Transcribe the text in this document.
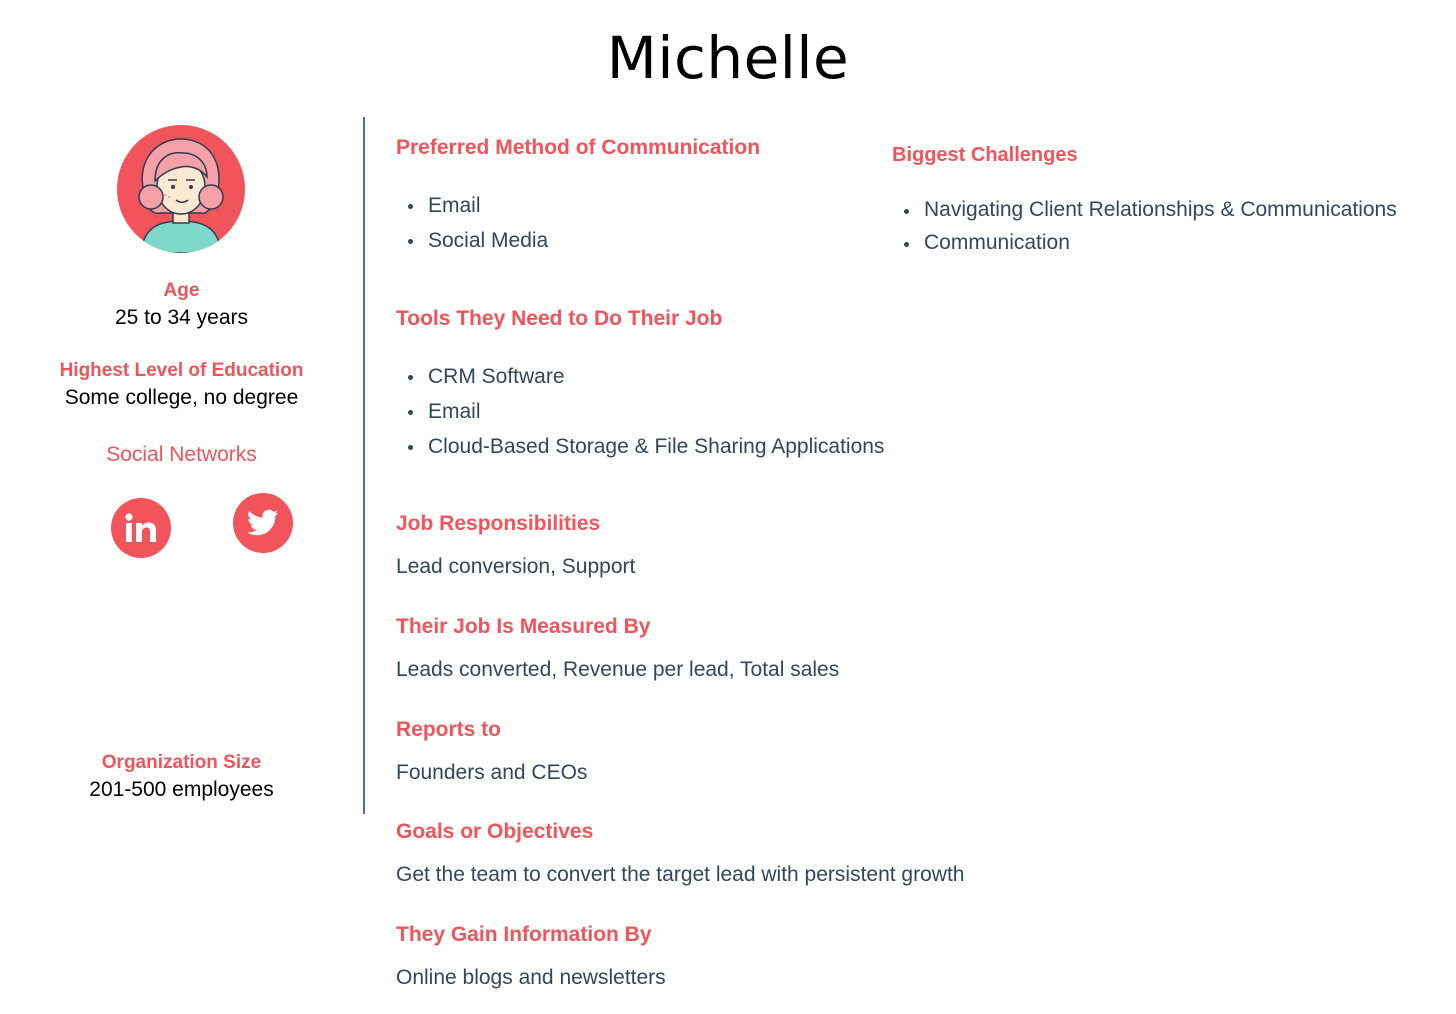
Michelle
Age
25 to 34 years
Highest Level of Education
Some college, no degree
Social Networks
Organization Size
201-500 employees
Preferred Method of Communication
Email
Social Media
Biggest Challenges
Navigating Client Relationships & Communications
Communication
Tools They Need to Do Their Job
CRM Software
Email
Cloud-Based Storage & File Sharing Applications
Job Responsibilities
Lead conversion, Support
Their Job Is Measured By
Leads converted, Revenue per lead, Total sales
Reports to
Founders and CEOs
Goals or Objectives
Get the team to convert the target lead with persistent growth
They Gain Information By
Online blogs and newsletters
